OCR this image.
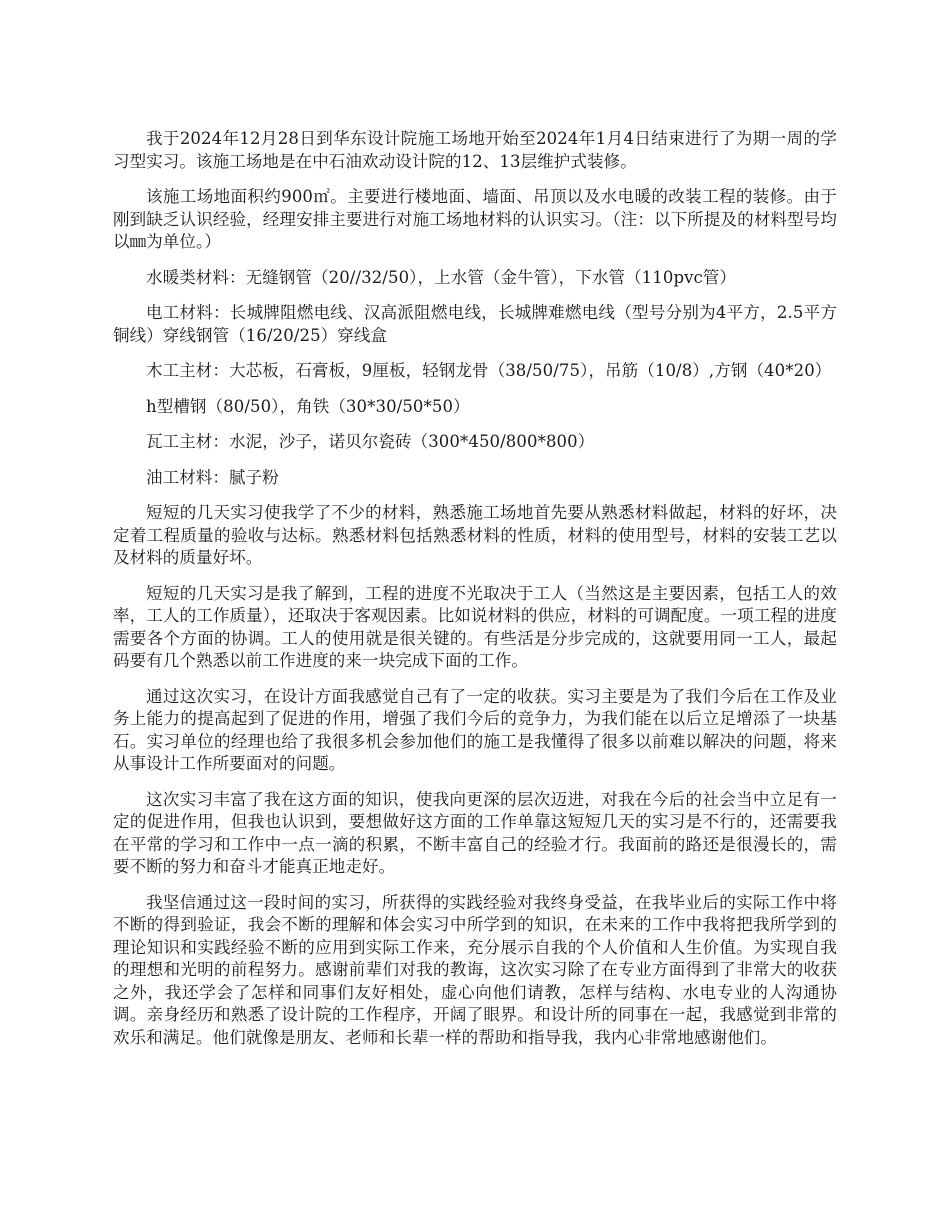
我于2024年12月28日到华东设计院施工场地开始至2024年1月4日结束进行了为期一周的学习型实习。该施工场地是在中石油欢动设计院的12、13层维护式装修。

该施工场地面积约900㎡。主要进行楼地面、墙面、吊顶以及水电暖的改装工程的装修。由于刚到缺乏认识经验，经理安排主要进行对施工场地材料的认识实习。（注：以下所提及的材料型号均以㎜为单位。）

水暖类材料：无缝钢管（20//32/50），上水管（金牛管），下水管（110pvc管）

电工材料：长城牌阻燃电线、汉高派阻燃电线，长城牌难燃电线（型号分别为4平方，2.5平方铜线）穿线钢管（16/20/25）穿线盒

木工主材：大芯板，石膏板，9厘板，轻钢龙骨（38/50/75），吊筋（10/8）,方钢（40*20）

h型槽钢（80/50），角铁（30*30/50*50）

瓦工主材：水泥，沙子，诺贝尔瓷砖（300*450/800*800）

油工材料：腻子粉

短短的几天实习使我学了不少的材料，熟悉施工场地首先要从熟悉材料做起，材料的好坏，决定着工程质量的验收与达标。熟悉材料包括熟悉材料的性质，材料的使用型号，材料的安装工艺以及材料的质量好坏。

短短的几天实习是我了解到，工程的进度不光取决于工人（当然这是主要因素，包括工人的效率，工人的工作质量），还取决于客观因素。比如说材料的供应，材料的可调配度。一项工程的进度需要各个方面的协调。工人的使用就是很关键的。有些活是分步完成的，这就要用同一工人，最起码要有几个熟悉以前工作进度的来一块完成下面的工作。

通过这次实习，在设计方面我感觉自己有了一定的收获。实习主要是为了我们今后在工作及业务上能力的提高起到了促进的作用，增强了我们今后的竞争力，为我们能在以后立足增添了一块基石。实习单位的经理也给了我很多机会参加他们的施工是我懂得了很多以前难以解决的问题，将来从事设计工作所要面对的问题。

这次实习丰富了我在这方面的知识，使我向更深的层次迈进，对我在今后的社会当中立足有一定的促进作用，但我也认识到，要想做好这方面的工作单靠这短短几天的实习是不行的，还需要我在平常的学习和工作中一点一滴的积累，不断丰富自己的经验才行。我面前的路还是很漫长的，需要不断的努力和奋斗才能真正地走好。

我坚信通过这一段时间的实习，所获得的实践经验对我终身受益，在我毕业后的实际工作中将不断的得到验证，我会不断的理解和体会实习中所学到的知识，在未来的工作中我将把我所学到的理论知识和实践经验不断的应用到实际工作来，充分展示自我的个人价值和人生价值。为实现自我的理想和光明的前程努力。感谢前辈们对我的教诲，这次实习除了在专业方面得到了非常大的收获之外，我还学会了怎样和同事们友好相处，虚心向他们请教，怎样与结构、水电专业的人沟通协调。亲身经历和熟悉了设计院的工作程序，开阔了眼界。和设计所的同事在一起，我感觉到非常的欢乐和满足。他们就像是朋友、老师和长辈一样的帮助和指导我，我内心非常地感谢他们。
